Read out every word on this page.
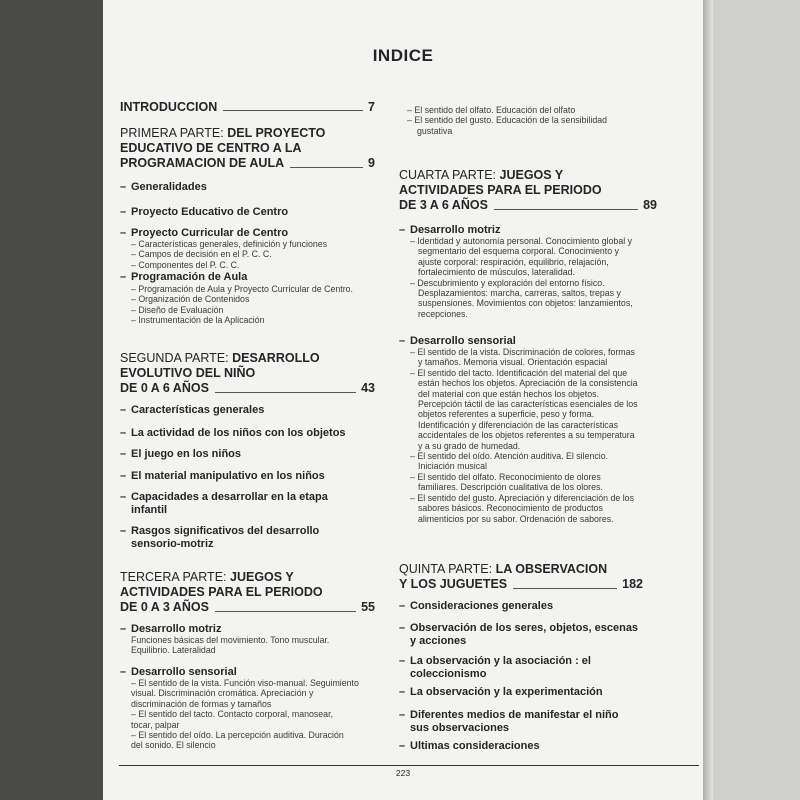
INDICE
INTRODUCCION	7
PRIMERA PARTE: DEL PROYECTO
EDUCATIVO DE CENTRO A LA
PROGRAMACION DE AULA	9
– Generalidades
– Proyecto Educativo de Centro
– Proyecto Curricular de Centro
– Características generales, definición y funciones
– Campos de decisión en el P. C. C.
– Componentes del P. C. C.
– Programación de Aula
– Programación de Aula y Proyecto Curricular de Centro.
– Organización de Contenidos
– Diseño de Evaluación
– Instrumentación de la Aplicación
SEGUNDA PARTE: DESARROLLO
EVOLUTIVO DEL NIÑO
DE 0 A 6 AÑOS	43
– Características generales
– La actividad de los niños con los objetos
– El juego en los niños
– El material manipulativo en los niños
– Capacidades a desarrollar en la etapa
infantil
– Rasgos significativos del desarrollo
sensorio-motriz
TERCERA PARTE: JUEGOS Y
ACTIVIDADES PARA EL PERIODO
DE 0 A 3 AÑOS	55
– Desarrollo motriz
Funciones básicas del movimiento. Tono muscular.
Equilibrio. Lateralidad
– Desarrollo sensorial
– El sentido de la vista. Función viso-manual. Seguimiento
visual. Discriminación cromática. Apreciación y
discriminación de formas y tamaños
– El sentido del tacto. Contacto corporal, manosear,
tocar, palpar
– El sentido del oído. La percepción auditiva. Duración
del sonido. El silencio
– El sentido del olfato. Educación del olfato
– El sentido del gusto. Educación de la sensibilidad
gustativa
CUARTA PARTE: JUEGOS Y
ACTIVIDADES PARA EL PERIODO
DE 3 A 6 AÑOS	89
– Desarrollo motriz
– Identidad y autonomía personal. Conocimiento global y
segmentario del esquema corporal. Conocimiento y
ajuste corporal: respiración, equilibrio, relajación,
fortalecimiento de músculos, lateralidad.
– Descubrimiento y exploración del entorno físico.
Desplazamientos: marcha, carreras, saltos, trepas y
suspensiones. Movimientos con objetos: lanzamientos,
recepciones.
– Desarrollo sensorial
– El sentido de la vista. Discriminación de colores, formas
y tamaños. Memoria visual. Orientación espacial
– El sentido del tacto. Identificación del material del que
están hechos los objetos. Apreciación de la consistencia
del material con que están hechos los objetos.
Percepción táctil de las características esenciales de los
objetos referentes a superficie, peso y forma.
Identificación y diferenciación de las características
accidentales de los objetos referentes a su temperatura
y a su grado de humedad.
– El sentido del oído. Atención auditiva. El silencio.
Iniciación musical
– El sentido del olfato. Reconocimiento de olores
familiares. Descripción cualitativa de los olores.
– El sentido del gusto. Apreciación y diferenciación de los
sabores básicos. Reconocimiento de productos
alimenticios por su sabor. Ordenación de sabores.
QUINTA PARTE: LA OBSERVACION
Y LOS JUGUETES	182
– Consideraciones generales
– Observación de los seres, objetos, escenas
y acciones
– La observación y la asociación : el
coleccionismo
– La observación y la experimentación
– Diferentes medios de manifestar el niño
sus observaciones
– Ultimas consideraciones
223
